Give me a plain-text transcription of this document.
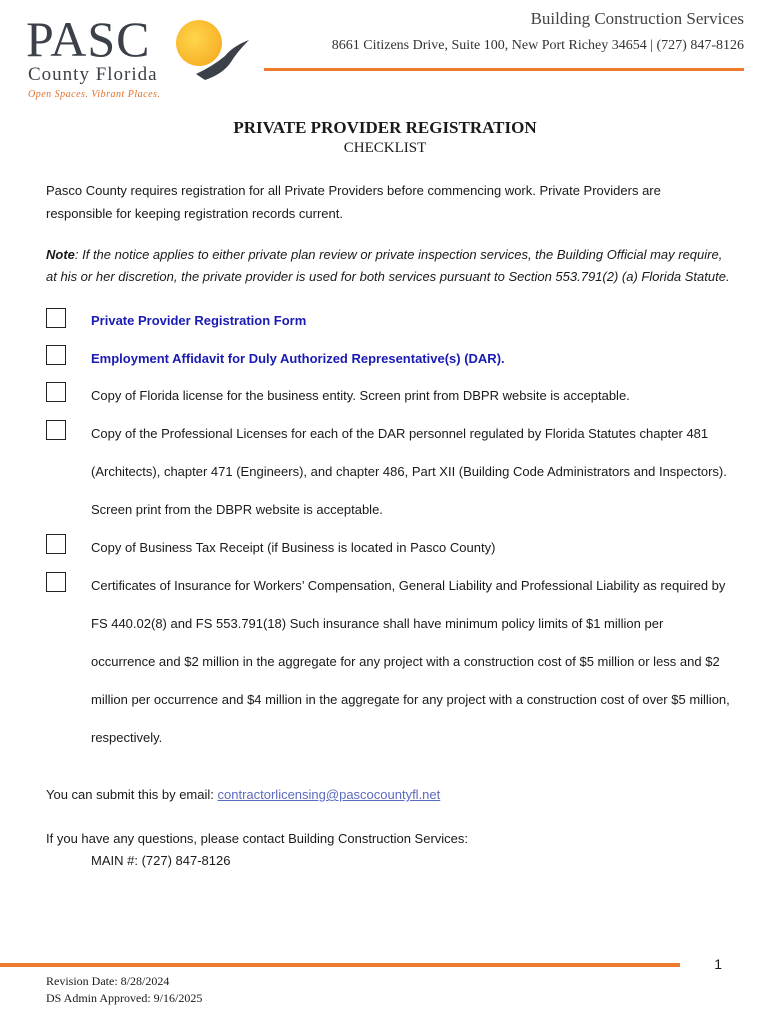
PASC
County Florida
Open Spaces. Vibrant Places.
Building Construction Services
8661 Citizens Drive, Suite 100, New Port Richey 34654 | (727) 847-8126
PRIVATE PROVIDER REGISTRATION
CHECKLIST
Pasco County requires registration for all Private Providers before commencing work. Private Providers are responsible for keeping registration records current.
Note: If the notice applies to either private plan review or private inspection services, the Building Official may require, at his or her discretion, the private provider is used for both services pursuant to Section 553.791(2) (a) Florida Statute.
Private Provider Registration Form
Employment Affidavit for Duly Authorized Representative(s) (DAR).
Copy of Florida license for the business entity. Screen print from DBPR website is acceptable.
Copy of the Professional Licenses for each of the DAR personnel regulated by Florida Statutes chapter 481 (Architects), chapter 471 (Engineers), and chapter 486, Part XII (Building Code Administrators and Inspectors). Screen print from the DBPR website is acceptable.
Copy of Business Tax Receipt (if Business is located in Pasco County)
Certificates of Insurance for Workers’ Compensation, General Liability and Professional Liability as required by FS 440.02(8) and FS 553.791(18) Such insurance shall have minimum policy limits of $1 million per occurrence and $2 million in the aggregate for any project with a construction cost of $5 million or less and $2 million per occurrence and $4 million in the aggregate for any project with a construction cost of over $5 million, respectively.
You can submit this by email: contractorlicensing@pascocountyfl.net
If you have any questions, please contact Building Construction Services:
MAIN #: (727) 847-8126
1
Revision Date: 8/28/2024
DS Admin Approved: 9/16/2025
